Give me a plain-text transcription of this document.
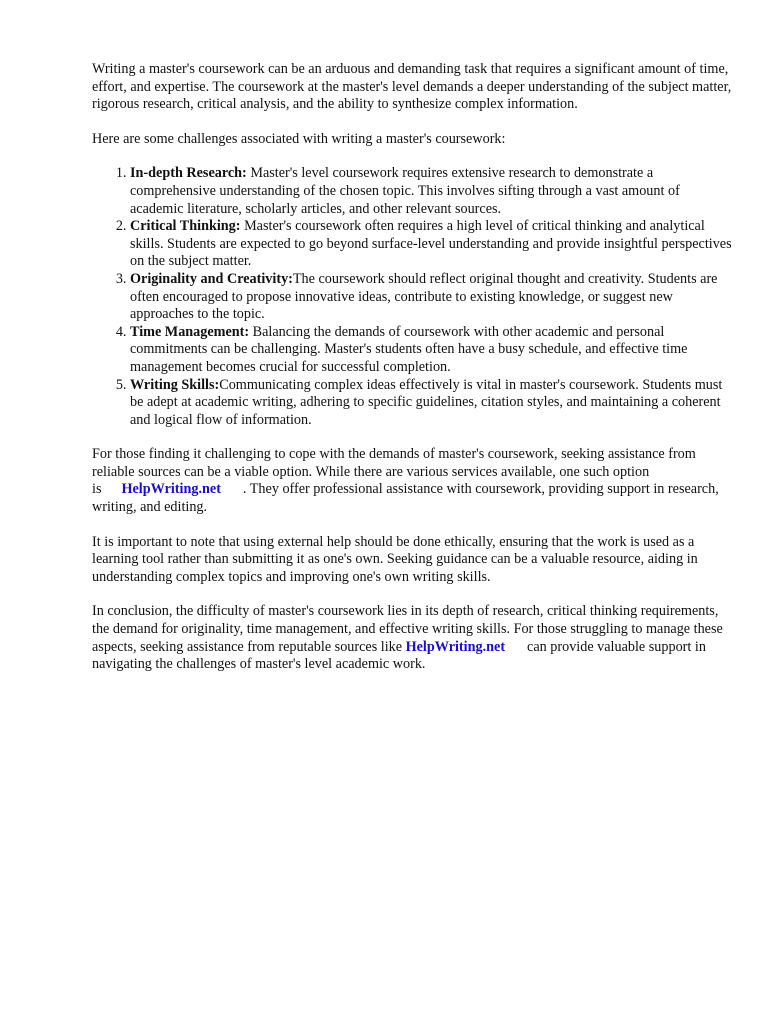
Writing a master's coursework can be an arduous and demanding task that requires a significant amount of time, effort, and expertise. The coursework at the master's level demands a deeper understanding of the subject matter, rigorous research, critical analysis, and the ability to synthesize complex information.

Here are some challenges associated with writing a master's coursework:

1. In-depth Research: Master's level coursework requires extensive research to demonstrate a comprehensive understanding of the chosen topic. This involves sifting through a vast amount of academic literature, scholarly articles, and other relevant sources.
2. Critical Thinking: Master's coursework often requires a high level of critical thinking and analytical skills. Students are expected to go beyond surface-level understanding and provide insightful perspectives on the subject matter.
3. Originality and Creativity:The coursework should reflect original thought and creativity. Students are often encouraged to propose innovative ideas, contribute to existing knowledge, or suggest new approaches to the topic.
4. Time Management: Balancing the demands of coursework with other academic and personal commitments can be challenging. Master's students often have a busy schedule, and effective time management becomes crucial for successful completion.
5. Writing Skills:Communicating complex ideas effectively is vital in master's coursework. Students must be adept at academic writing, adhering to specific guidelines, citation styles, and maintaining a coherent and logical flow of information.

For those finding it challenging to cope with the demands of master's coursework, seeking assistance from reliable sources can be a viable option. While there are various services available, one such option is HelpWriting.net . They offer professional assistance with coursework, providing support in research, writing, and editing.

It is important to note that using external help should be done ethically, ensuring that the work is used as a learning tool rather than submitting it as one's own. Seeking guidance can be a valuable resource, aiding in understanding complex topics and improving one's own writing skills.

In conclusion, the difficulty of master's coursework lies in its depth of research, critical thinking requirements, the demand for originality, time management, and effective writing skills. For those struggling to manage these aspects, seeking assistance from reputable sources like HelpWriting.net can provide valuable support in navigating the challenges of master's level academic work.
